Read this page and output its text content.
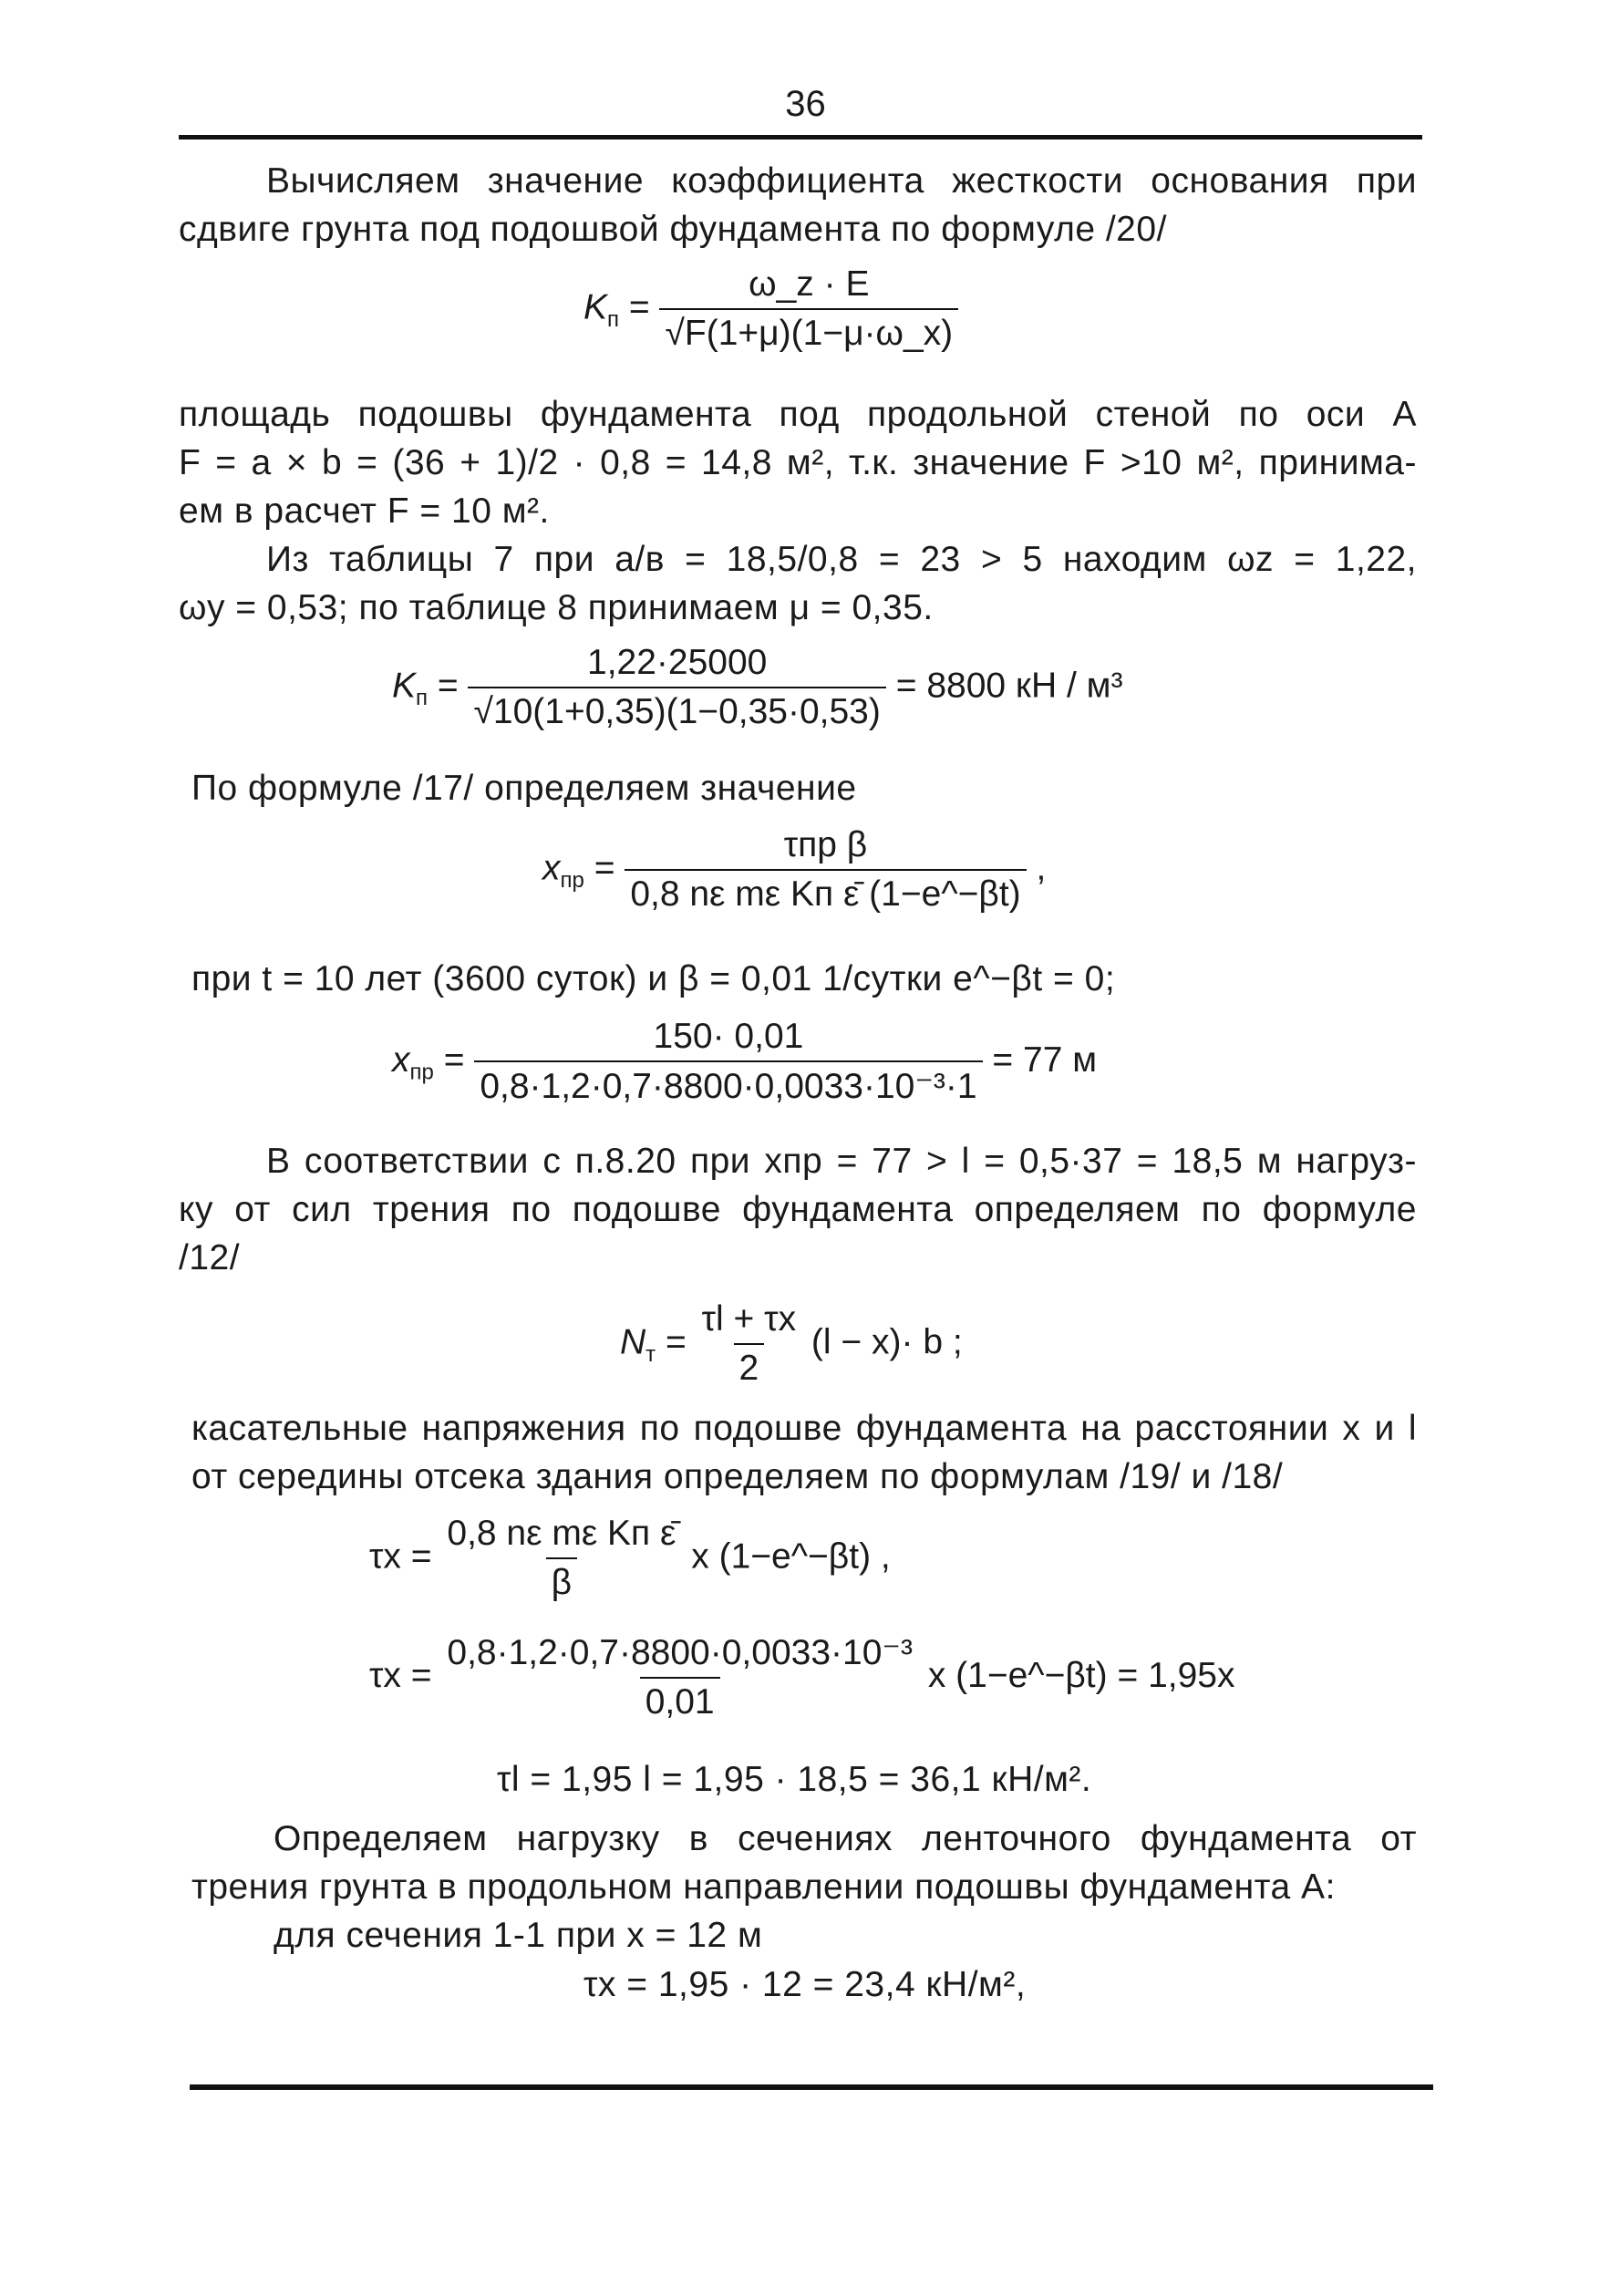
36
Вычисляем значение коэффициента жесткости основания при
сдвиге грунта под подошвой фундамента по формуле /20/
$K_п = \frac{\omega\_z \cdot E}{√F(1+\mu)(1-\mu\cdot\omega\_x)}$
площадь подошвы фундамента под продольной стеной по оси А
F = a × b = (36 + 1)/2 · 0,8 = 14,8 м², т.к. значение F >10 м², принима-
ем в расчет F = 10 м².
Из таблицы 7 при а/в = 18,5/0,8 = 23 > 5 находим ωz = 1,22,
ωy = 0,53; по таблице 8 принимаем μ = 0,35.
$K_п = \frac{1,22\cdot 25000}{√10(1+0,35)(1-0,35\cdot 0,53)} = 8800$ кН / м³
По формуле /17/ определяем значение
$x_{пр} = \frac{\text{τпр β}}{\text{0,8 nε mε Kп ε̄ (1−e\textasciicircum{}−βt)}}$ ,
при t = 10 лет (3600 суток) и β = 0,01 1/сутки e^−βt = 0;
$x_{пр} = \frac{150\cdot 0,01}{\text{0,8·1,2·0,7·8800·0,0033·10⁻³·1}} = 77$ м
В соответствии с п.8.20 при xпр = 77 > l = 0,5·37 = 18,5 м нагруз-
ку от сил трения по подошве фундамента определяем по формуле
/12/
$N_т = \frac{\tau l + \tau x}{2} (l - x)\cdot b$ ;
касательные напряжения по подошве фундамента на расстоянии x и l
от середины отсека здания определяем по формулам /19/ и /18/
$\tau x = \frac{\text{0,8 nε mε Kп ε̄}}{\beta}$ x (1−e^−βt) ,
$\tau x = \frac{\text{0,8·1,2·0,7·8800·0,0033·10⁻³}}{0,01}$ x (1−e^−βt) = 1,95x
τl = 1,95 l = 1,95 · 18,5 = 36,1 кН/м².
Определяем нагрузку в сечениях ленточного фундамента от
трения грунта в продольном направлении подошвы фундамента А:
для сечения 1-1 при x = 12 м
τx = 1,95 · 12 = 23,4 кН/м²,
